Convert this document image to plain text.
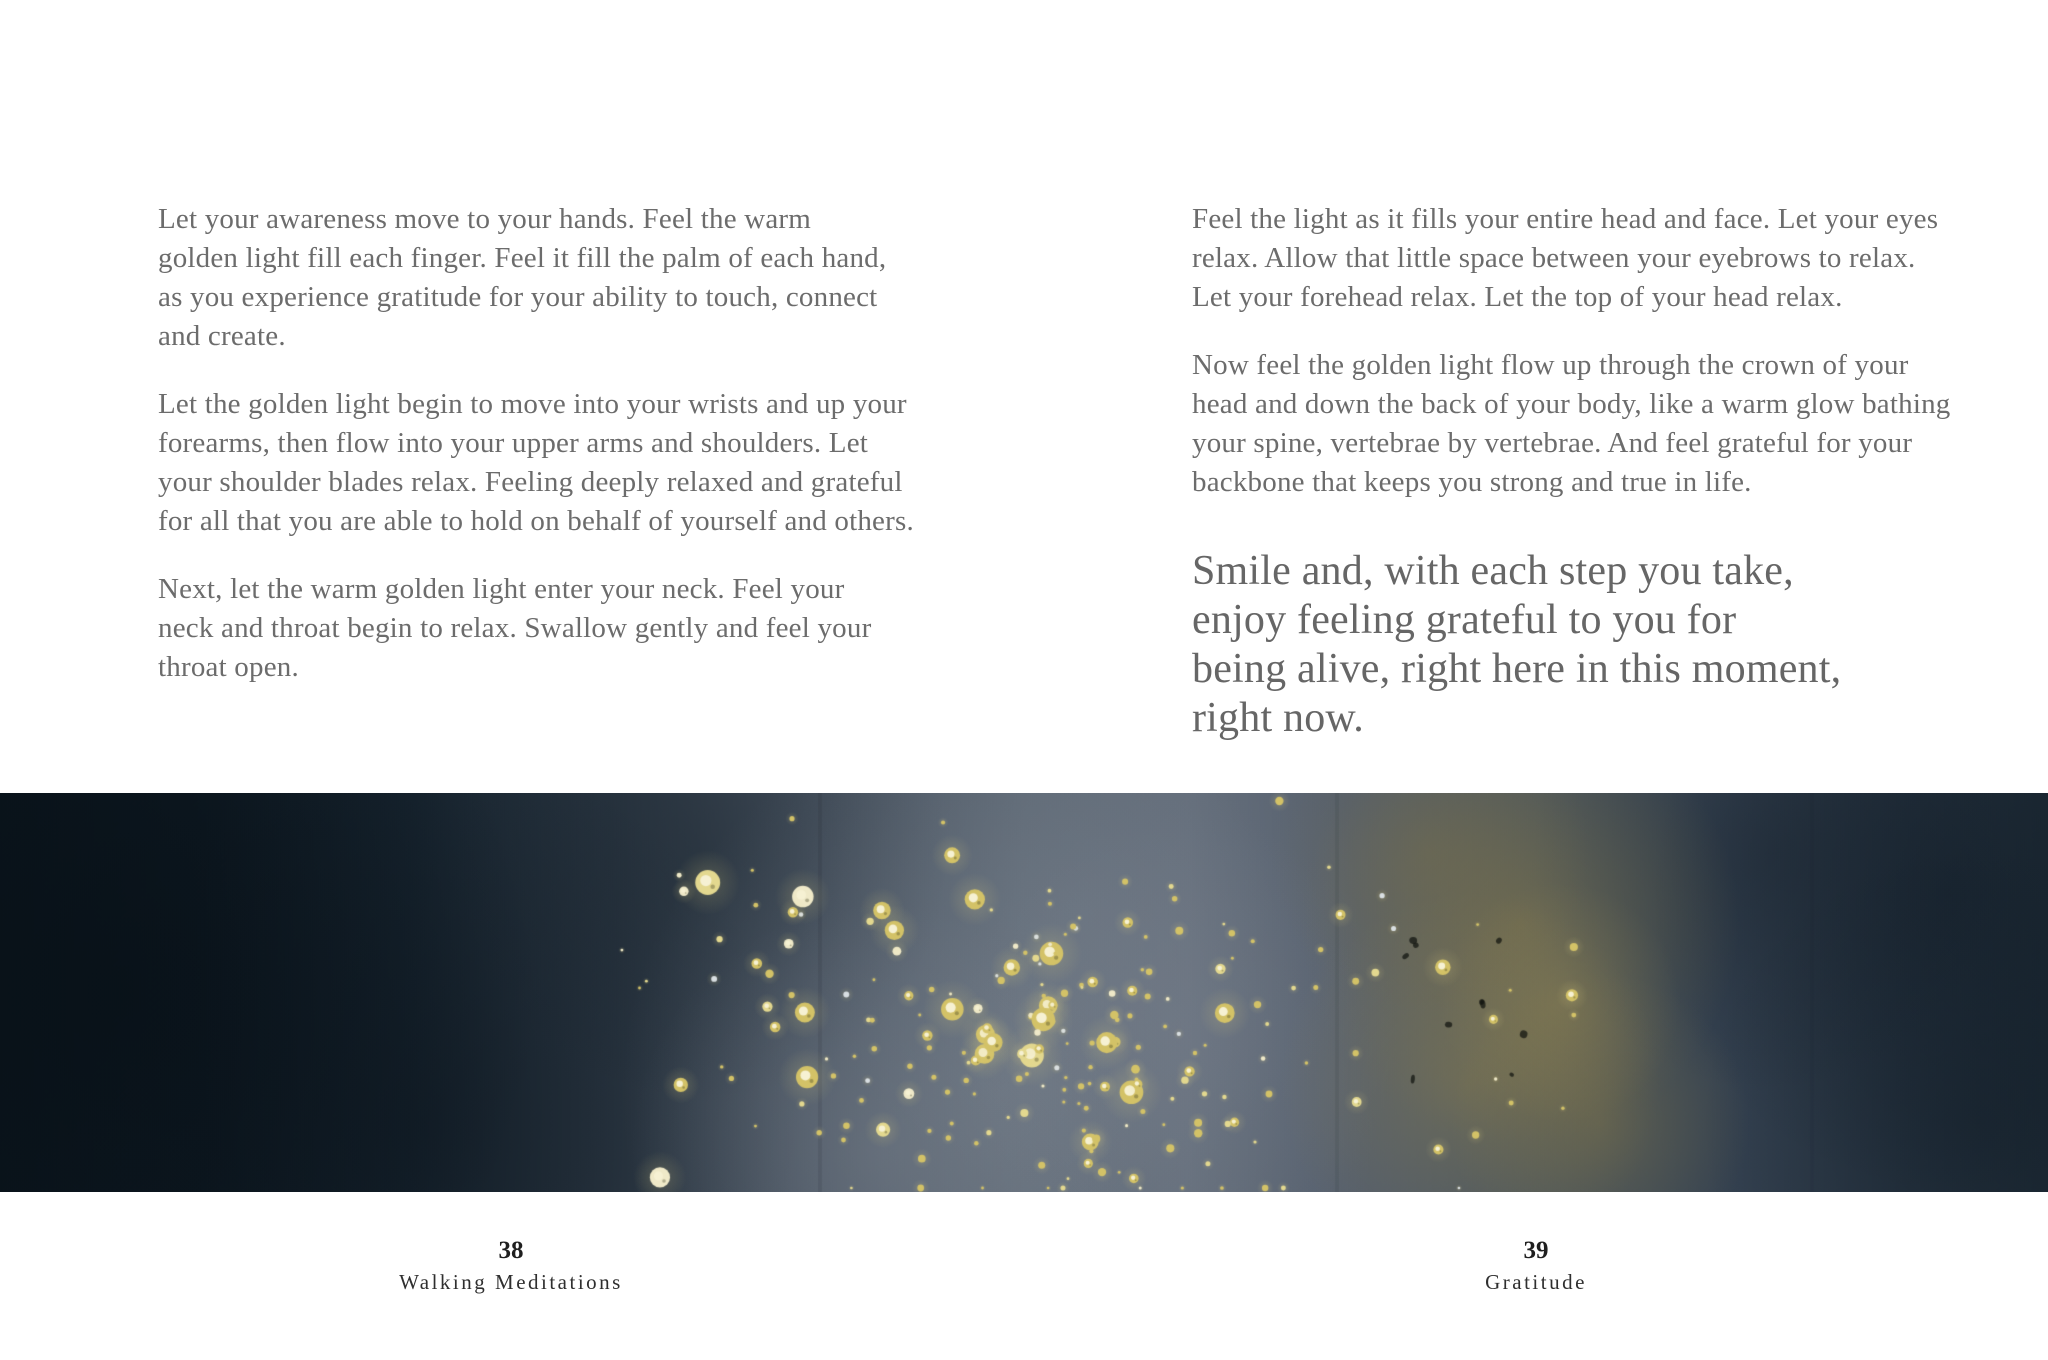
Let your awareness move to your hands. Feel the warm
golden light fill each finger. Feel it fill the palm of each hand,
as you experience gratitude for your ability to touch, connect
and create.
Let the golden light begin to move into your wrists and up your
forearms, then flow into your upper arms and shoulders. Let
your shoulder blades relax. Feeling deeply relaxed and grateful
for all that you are able to hold on behalf of yourself and others.
Next, let the warm golden light enter your neck. Feel your
neck and throat begin to relax. Swallow gently and feel your
throat open.
Feel the light as it fills your entire head and face. Let your eyes
relax. Allow that little space between your eyebrows to relax.
Let your forehead relax. Let the top of your head relax.
Now feel the golden light flow up through the crown of your
head and down the back of your body, like a warm glow bathing
your spine, vertebrae by vertebrae. And feel grateful for your
backbone that keeps you strong and true in life.
Smile and, with each step you take,
enjoy feeling grateful to you for
being alive, right here in this moment,
right now.
38
Walking Meditations
39
Gratitude
